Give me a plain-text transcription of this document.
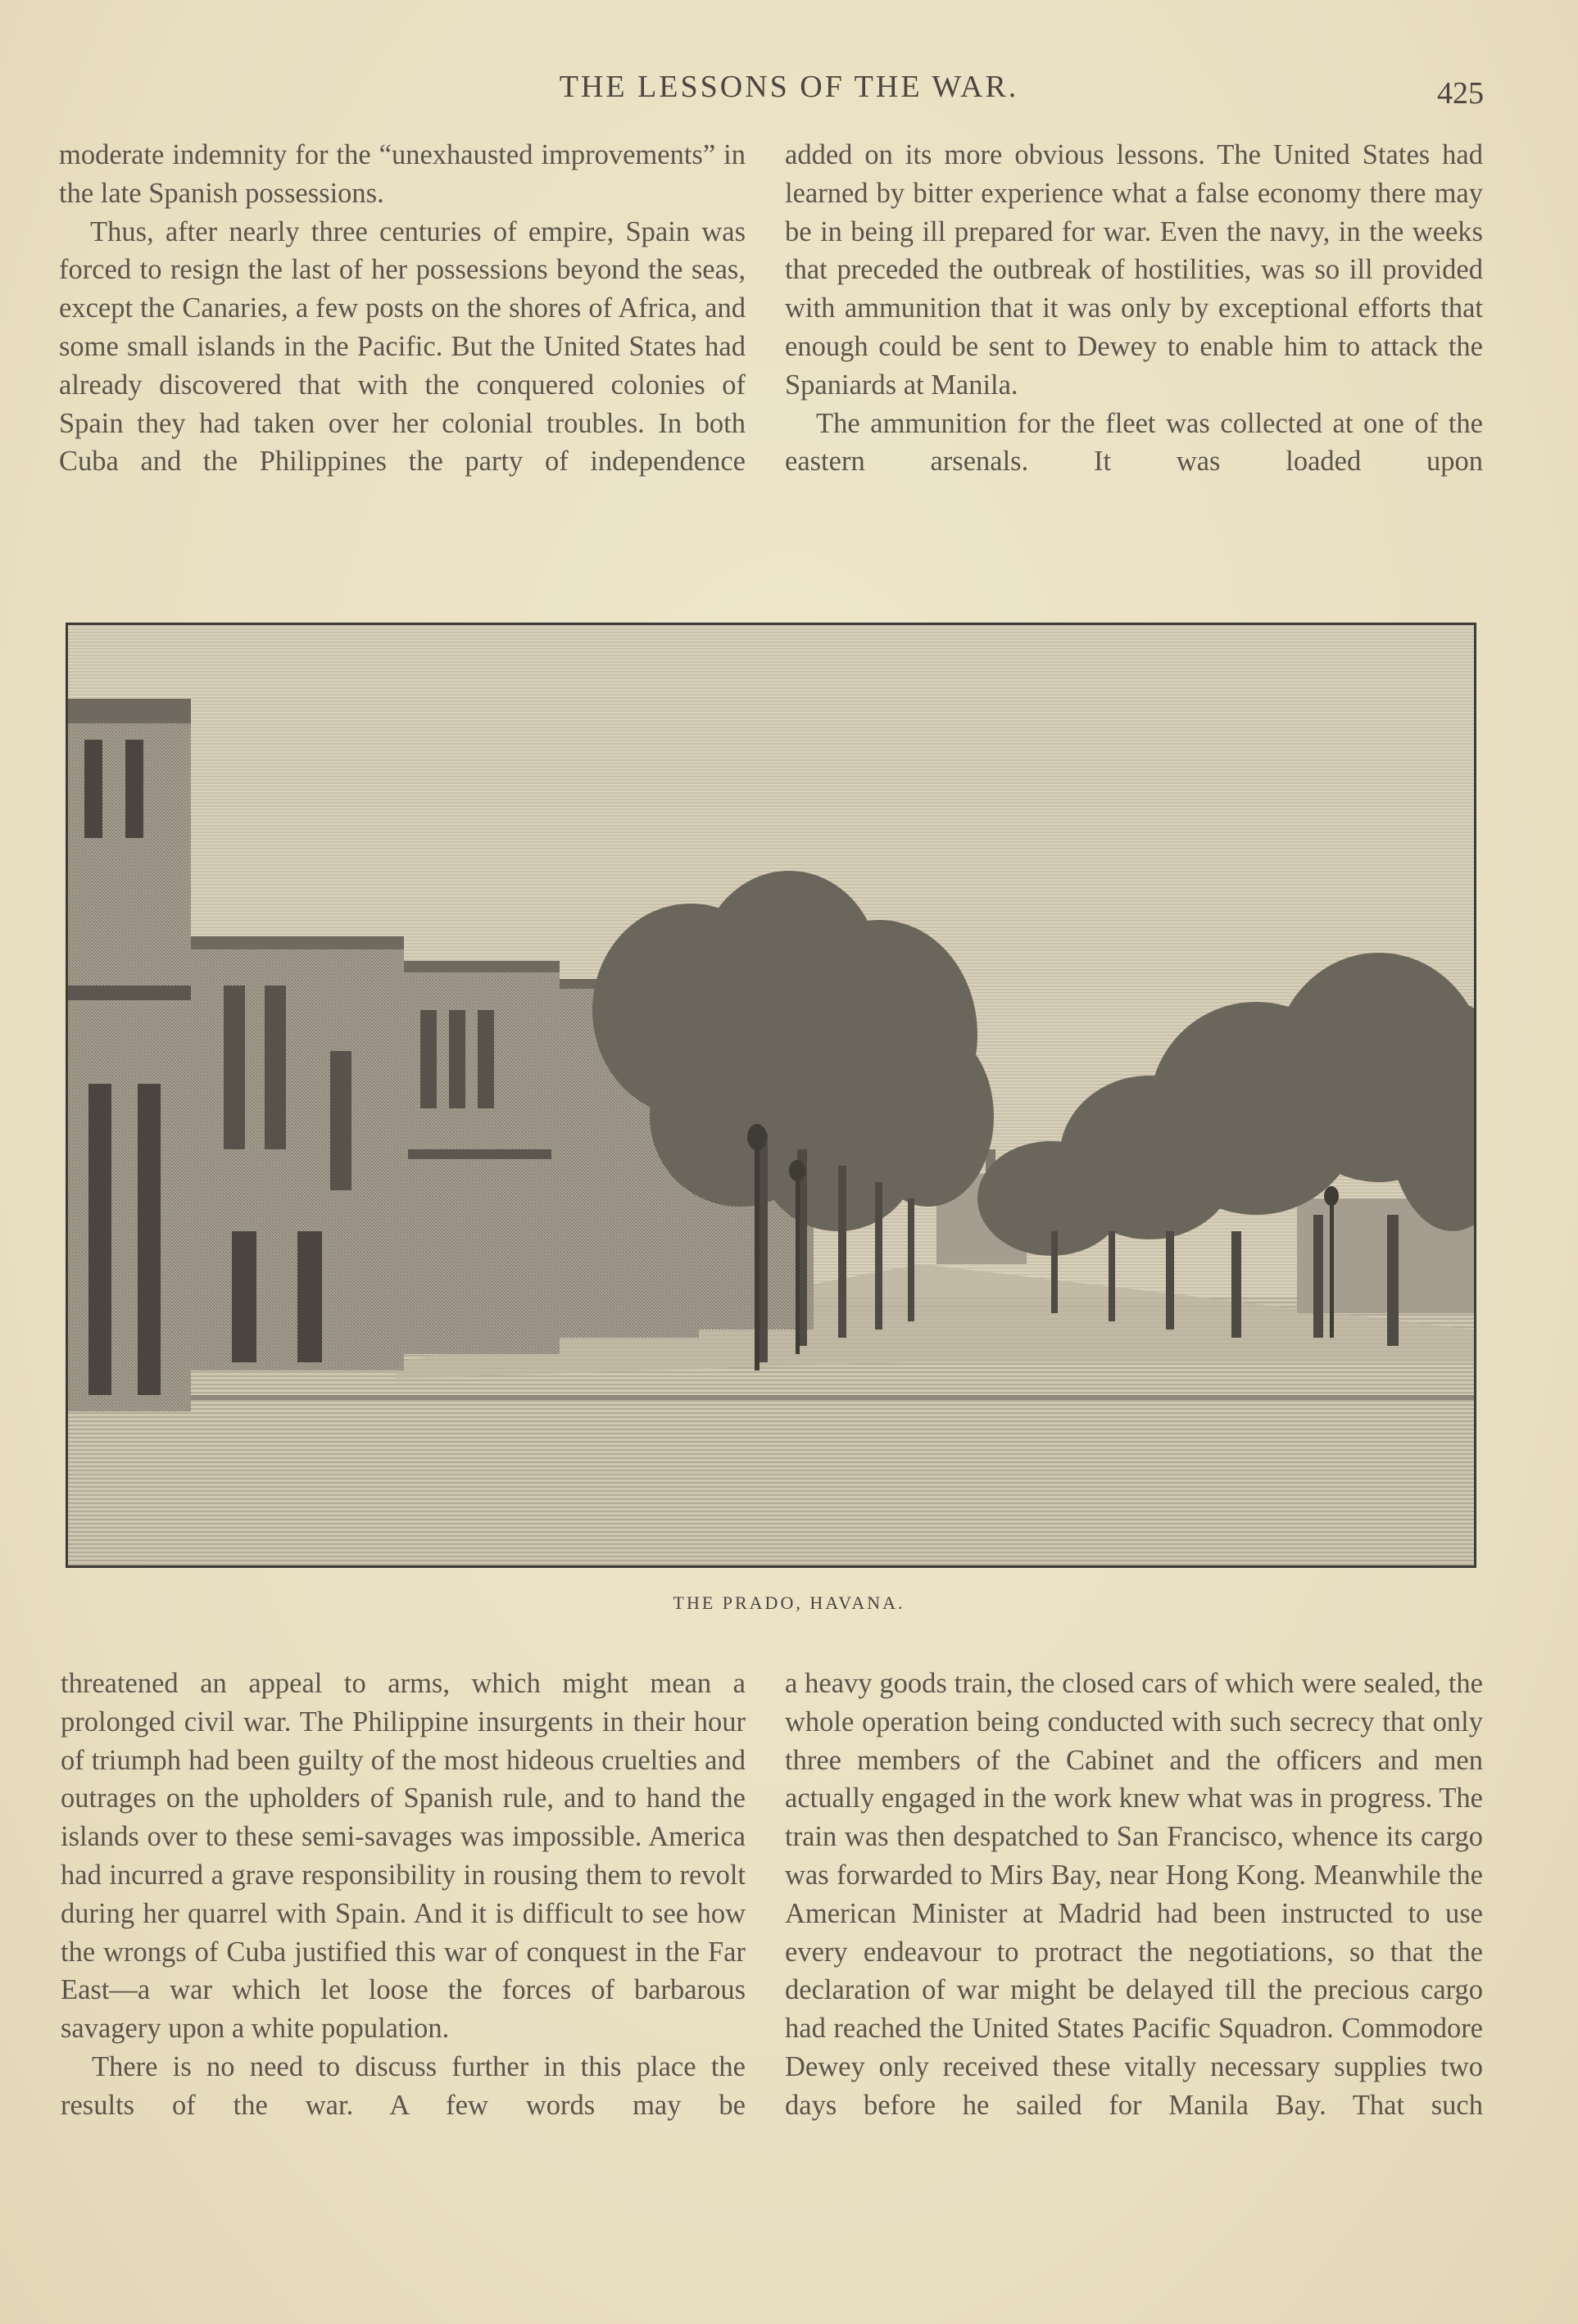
THE LESSONS OF THE WAR.	425

moderate indemnity for the “unexhausted improvements” in the late Spanish possessions.

Thus, after nearly three centuries of empire, Spain was forced to resign the last of her possessions beyond the seas, except the Canaries, a few posts on the shores of Africa, and some small islands in the Pacific. But the United States had already discovered that with the conquered colonies of Spain they had taken over her colonial troubles. In both Cuba and the Philippines the party of independence

added on its more obvious lessons. The United States had learned by bitter experience what a false economy there may be in being ill prepared for war. Even the navy, in the weeks that preceded the outbreak of hostilities, was so ill provided with ammunition that it was only by exceptional efforts that enough could be sent to Dewey to enable him to attack the Spaniards at Manila.

The ammunition for the fleet was collected at one of the eastern arsenals. It was loaded upon

THE PRADO, HAVANA.

threatened an appeal to arms, which might mean a prolonged civil war. The Philippine insurgents in their hour of triumph had been guilty of the most hideous cruelties and outrages on the upholders of Spanish rule, and to hand the islands over to these semi-savages was impossible. America had incurred a grave responsibility in rousing them to revolt during her quarrel with Spain. And it is difficult to see how the wrongs of Cuba justified this war of conquest in the Far East—a war which let loose the forces of barbarous savagery upon a white population.

There is no need to discuss further in this place the results of the war. A few words may be

a heavy goods train, the closed cars of which were sealed, the whole operation being conducted with such secrecy that only three members of the Cabinet and the officers and men actually engaged in the work knew what was in progress. The train was then despatched to San Francisco, whence its cargo was forwarded to Mirs Bay, near Hong Kong. Meanwhile the American Minister at Madrid had been instructed to use every endeavour to protract the negotiations, so that the declaration of war might be delayed till the precious cargo had reached the United States Pacific Squadron. Commodore Dewey only received these vitally necessary supplies two days before he sailed for Manila Bay. That such
